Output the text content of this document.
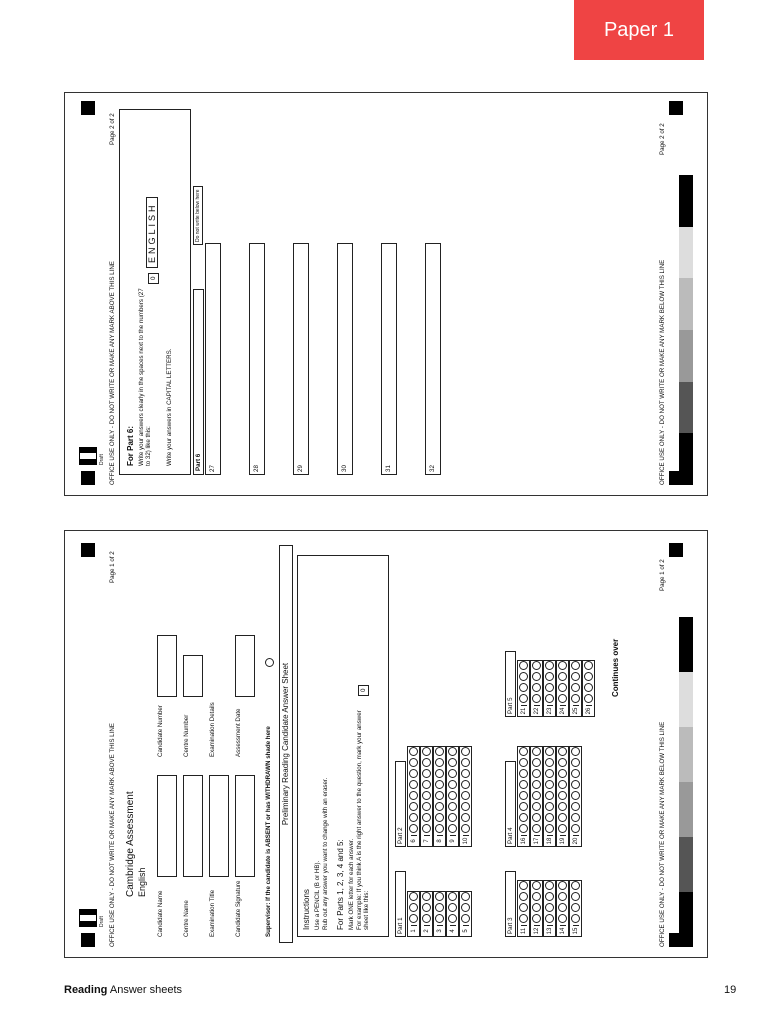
Paper 1
Draft OFFICE USE ONLY - DO NOT WRITE OR MAKE ANY MARK ABOVE THIS LINE
Page 2 of 2
For Part 6: Write your answers clearly in the spaces next to the numbers (27 to 32) like this: Write your answers in CAPITAL LETTERS.
0
ENGLISH
Part 6
Do not write below here
27	28	29	30	31	32	OFFICE USE ONLY - DO NOT WRITE OR MAKE ANY MARK BELOW THIS LINE
Page 2 of 2
Draft OFFICE USE ONLY - DO NOT WRITE OR MAKE ANY MARK ABOVE THIS LINE
Page 1 of 2
Cambridge Assessment English
Candidate Name	Centre Name	Examination Title	Candidate Signature
Candidate Number	Centre Number	Examination Details	Assessment Date	Supervisor: If the candidate is ABSENT or has WITHDRAWN shade here Preliminary Reading Candidate Answer Sheet
Instructions Use a PENCIL (B or HB). Rub out any answer you want to change with an eraser. For Parts 1, 2, 3, 4 and 5: Mark ONE letter for each answer. For example: If you think A is the right answer to the question, mark your answer sheet like this:
0
Part 1
Part 2
Part 3
Part 4
Part 5
1 2 3 4 5
6 7 8 9 10
11 12 13 14 15
16 17 18 19 20
21 22 23 24 25 26
Continues over
OFFICE USE ONLY - DO NOT WRITE OR MAKE ANY MARK BELOW THIS LINE
Page 1 of 2
Reading Answer sheets	19
